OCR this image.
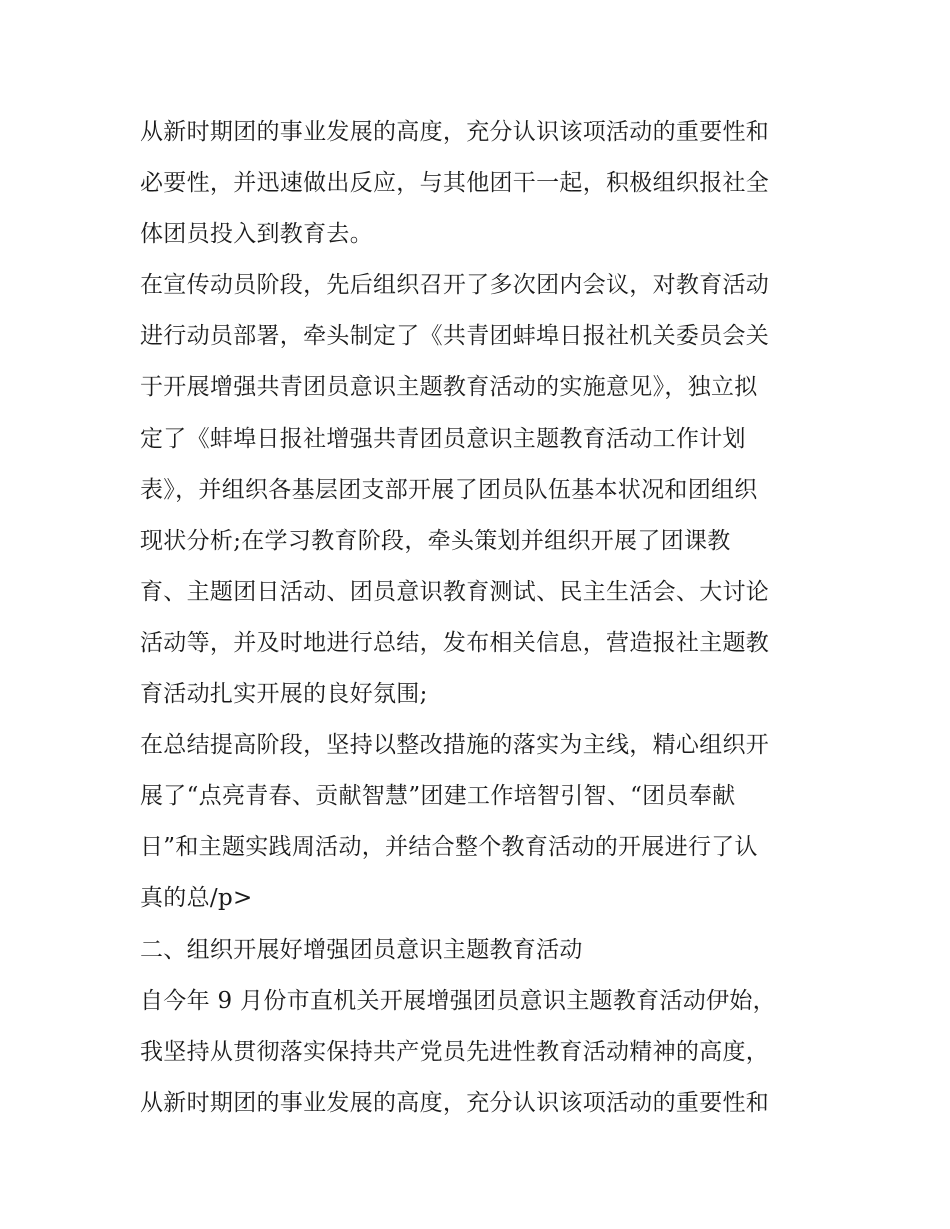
从新时期团的事业发展的高度，充分认识该项活动的重要性和
必要性，并迅速做出反应，与其他团干一起，积极组织报社全
体团员投入到教育去。
在宣传动员阶段，先后组织召开了多次团内会议，对教育活动
进行动员部署，牵头制定了《共青团蚌埠日报社机关委员会关
于开展增强共青团员意识主题教育活动的实施意见》，独立拟
定了《蚌埠日报社增强共青团员意识主题教育活动工作计划
表》，并组织各基层团支部开展了团员队伍基本状况和团组织
现状分析;在学习教育阶段，牵头策划并组织开展了团课教
育、主题团日活动、团员意识教育测试、民主生活会、大讨论
活动等，并及时地进行总结，发布相关信息，营造报社主题教
育活动扎实开展的良好氛围;
在总结提高阶段，坚持以整改措施的落实为主线，精心组织开
展了“点亮青春、贡献智慧”团建工作培智引智、“团员奉献
日”和主题实践周活动，并结合整个教育活动的开展进行了认
真的总/p>
二、组织开展好增强团员意识主题教育活动
自今年 9 月份市直机关开展增强团员意识主题教育活动伊始，
我坚持从贯彻落实保持共产党员先进性教育活动精神的高度，
从新时期团的事业发展的高度，充分认识该项活动的重要性和
